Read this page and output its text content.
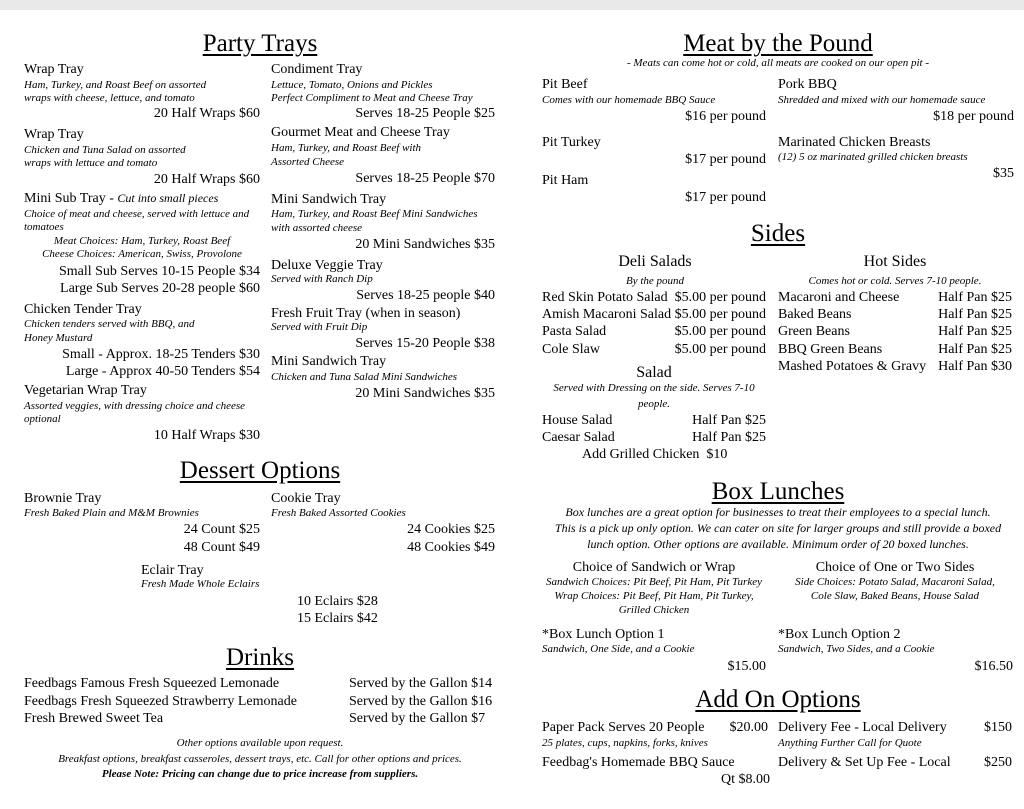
Party Trays
Wrap Tray
Ham, Turkey, and Roast Beef on assorted
wraps with cheese, lettuce, and tomato
20 Half Wraps $60
Wrap Tray
Chicken and Tuna Salad on assorted
wraps with lettuce and tomato
20 Half Wraps $60
Mini Sub Tray - Cut into small pieces
Choice of meat and cheese, served with lettuce and
tomatoes
Meat Choices: Ham, Turkey, Roast Beef
Cheese Choices: American, Swiss, Provolone
Small Sub Serves 10-15 People $34
Large Sub Serves 20-28 people $60
Chicken Tender Tray
Chicken tenders served with BBQ, and
Honey Mustard
Small - Approx. 18-25 Tenders $30
Large - Approx 40-50 Tenders $54
Vegetarian Wrap Tray
Assorted veggies, with dressing choice and cheese
optional
10 Half Wraps $30
Condiment Tray
Lettuce, Tomato, Onions and Pickles
Perfect Compliment to Meat and Cheese Tray
Serves 18-25 People $25
Gourmet Meat and Cheese Tray
Ham, Turkey, and Roast Beef with
Assorted Cheese
Serves 18-25 People $70
Mini Sandwich Tray
Ham, Turkey, and Roast Beef Mini Sandwiches
with assorted cheese
20 Mini Sandwiches $35
Deluxe Veggie Tray
Served with Ranch Dip
Serves 18-25 people $40
Fresh Fruit Tray (when in season)
Served with Fruit Dip
Serves 15-20 People $38
Mini Sandwich Tray
Chicken and Tuna Salad Mini Sandwiches
20 Mini Sandwiches $35
Dessert Options
Brownie Tray
Fresh Baked Plain and M&M Brownies
24 Count $25
48 Count $49
Cookie Tray
Fresh Baked Assorted Cookies
24 Cookies $25
48 Cookies $49
Eclair Tray
Fresh Made Whole Eclairs
10 Eclairs $28
15 Eclairs $42
Drinks
Feedbags Famous Fresh Squeezed Lemonade	Served by the Gallon $14
Feedbags Fresh Squeezed Strawberry Lemonade	Served by the Gallon $16
Fresh Brewed Sweet Tea	Served by the Gallon $7
Other options available upon request.
Breakfast options, breakfast casseroles, dessert trays, etc. Call for other options and prices.
Please Note: Pricing can change due to price increase from suppliers.
Meat by the Pound
- Meats can come hot or cold, all meats are cooked on our open pit -
Pit Beef
Comes with our homemade BBQ Sauce
$16 per pound
Pit Turkey
$17 per pound
Pit Ham
$17 per pound
Pork BBQ
Shredded and mixed with our homemade sauce
$18 per pound
Marinated Chicken Breasts
(12) 5 oz marinated grilled chicken breasts
$35
Sides
Deli Salads
By the pound
Red Skin Potato Salad $5.00 per pound
Amish Macaroni Salad $5.00 per pound
Pasta Salad	$5.00 per pound
Cole Slaw	$5.00 per pound
Salad
Served with Dressing on the side. Serves 7-10
people.
House Salad	Half Pan $25
Caesar Salad	Half Pan $25
Add Grilled Chicken  $10
Hot Sides
Comes hot or cold. Serves 7-10 people.
Macaroni and Cheese	Half Pan $25
Baked Beans	Half Pan $25
Green Beans	Half Pan $25
BBQ Green Beans	Half Pan $25
Mashed Potatoes & Gravy Half Pan $30
Box Lunches
Box lunches are a great option for businesses to treat their employees to a special lunch.
This is a pick up only option. We can cater on site for larger groups and still provide a boxed
lunch option. Other options are available. Minimum order of 20 boxed lunches.
Choice of Sandwich or Wrap
Sandwich Choices: Pit Beef, Pit Ham, Pit Turkey
Wrap Choices: Pit Beef, Pit Ham, Pit Turkey,
Grilled Chicken
Choice of One or Two Sides
Side Choices: Potato Salad, Macaroni Salad,
Cole Slaw, Baked Beans, House Salad
*Box Lunch Option 1
Sandwich, One Side, and a Cookie
$15.00
*Box Lunch Option 2
Sandwich, Two Sides, and a Cookie
$16.50
Add On Options
Paper Pack Serves 20 People	$20.00
25 plates, cups, napkins, forks, knives
Feedbag's Homemade BBQ Sauce
Qt $8.00
Delivery Fee - Local Delivery	$150
Anything Further Call for Quote
Delivery & Set Up Fee - Local	$250
